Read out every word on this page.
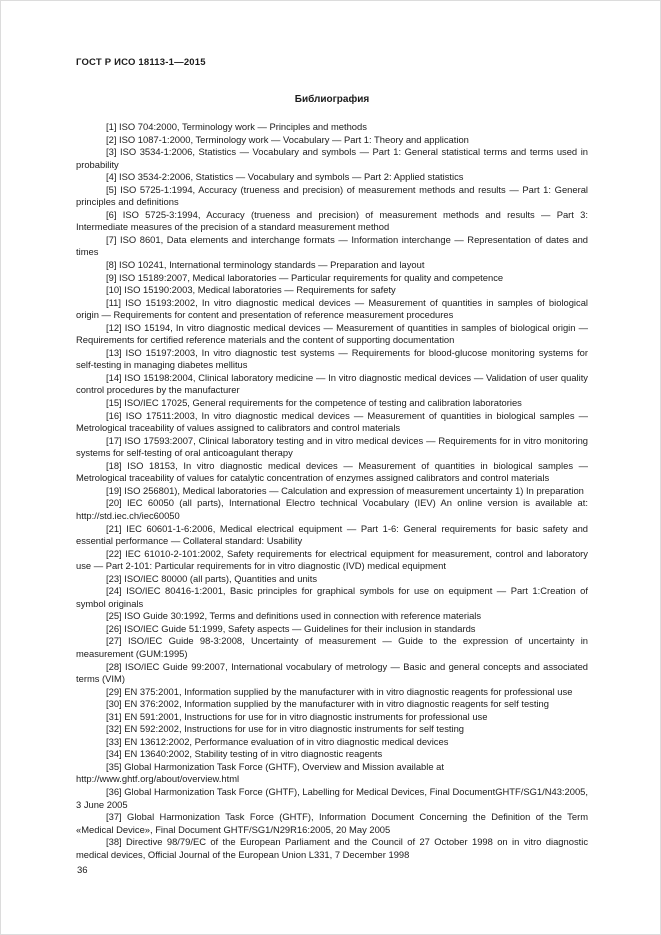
ГОСТ Р ИСО 18113-1—2015
Библиография

[1] ISO 704:2000, Terminology work — Principles and methods

[2] ISO 1087-1:2000, Terminology work — Vocabulary — Part 1: Theory and application

[3] ISO 3534-1:2006, Statistics — Vocabulary and symbols — Part 1: General statistical terms and terms used in probability

[4] ISO 3534-2:2006, Statistics — Vocabulary and symbols — Part 2: Applied statistics

[5] ISO 5725-1:1994, Accuracy (trueness and precision) of measurement methods and results — Part 1: General principles and definitions

[6] ISO 5725-3:1994, Accuracy (trueness and precision) of measurement methods and results — Part 3: Intermediate measures of the precision of a standard measurement method

[7] ISO 8601, Data elements and interchange formats — Information interchange — Representation of dates and times

[8] ISO 10241, International terminology standards — Preparation and layout

[9] ISO 15189:2007, Medical laboratories — Particular requirements for quality and competence

[10] ISO 15190:2003, Medical laboratories — Requirements for safety

[11] ISO 15193:2002, In vitro diagnostic medical devices — Measurement of quantities in samples of biological origin — Requirements for content and presentation of reference measurement procedures

[12] ISO 15194, In vitro diagnostic medical devices — Measurement of quantities in samples of biological origin — Requirements for certified reference materials and the content of supporting documentation

[13] ISO 15197:2003, In vitro diagnostic test systems — Requirements for blood-glucose monitoring systems for self-testing in managing diabetes mellitus

[14] ISO 15198:2004, Clinical laboratory medicine — In vitro diagnostic medical devices — Validation of user quality control procedures by the manufacturer

[15] ISO/IEC 17025, General requirements for the competence of testing and calibration laboratories

[16] ISO 17511:2003, In vitro diagnostic medical devices — Measurement of quantities in biological samples — Metrological traceability of values assigned to calibrators and control materials

[17] ISO 17593:2007, Clinical laboratory testing and in vitro medical devices — Requirements for in vitro monitoring systems for self-testing of oral anticoagulant therapy

[18] ISO 18153, In vitro diagnostic medical devices — Measurement of quantities in biological samples — Metrological traceability of values for catalytic concentration of enzymes assigned calibrators and control materials

[19] ISO 256801), Medical laboratories — Calculation and expression of measurement uncertainty 1) In preparation

[20] IEC 60050 (all parts), International Electro technical Vocabulary (IEV) An online version is available at: http://std.iec.ch/iec60050

[21] IEC 60601-1-6:2006, Medical electrical equipment — Part 1-6: General requirements for basic safety and essential performance — Collateral standard: Usability

[22] IEC 61010-2-101:2002, Safety requirements for electrical equipment for measurement, control and laboratory use — Part 2-101: Particular requirements for in vitro diagnostic (IVD) medical equipment

[23] ISO/IEC 80000 (all parts), Quantities and units

[24] ISO/IEC 80416-1:2001, Basic principles for graphical symbols for use on equipment — Part 1:Creation of symbol originals

[25] ISO Guide 30:1992, Terms and definitions used in connection with reference materials

[26] ISO/IEC Guide 51:1999, Safety aspects — Guidelines for their inclusion in standards

[27] ISO/IEC Guide 98-3:2008, Uncertainty of measurement — Guide to the expression of uncertainty in measurement (GUM:1995)

[28] ISO/IEC Guide 99:2007, International vocabulary of metrology — Basic and general concepts and associated terms (VIM)

[29] EN 375:2001, Information supplied by the manufacturer with in vitro diagnostic reagents for professional use

[30] EN 376:2002, Information supplied by the manufacturer with in vitro diagnostic reagents for self testing

[31] EN 591:2001, Instructions for use for in vitro diagnostic instruments for professional use

[32] EN 592:2002, Instructions for use for in vitro diagnostic instruments for self testing

[33] EN 13612:2002, Performance evaluation of in vitro diagnostic medical devices

[34] EN 13640:2002, Stability testing of in vitro diagnostic reagents

[35] Global Harmonization Task Force (GHTF), Overview and Mission available at
http://www.ghtf.org/about/overview.html

[36] Global Harmonization Task Force (GHTF), Labelling for Medical Devices, Final DocumentGHTF/SG1/N43:2005, 3 June 2005

[37] Global Harmonization Task Force (GHTF), Information Document Concerning the Definition of the Term «Medical Device», Final Document GHTF/SG1/N29R16:2005, 20 May 2005

[38] Directive 98/79/EC of the European Parliament and the Council of 27 October 1998 on in vitro diagnostic medical devices, Official Journal of the European Union L331, 7 December 1998

36
